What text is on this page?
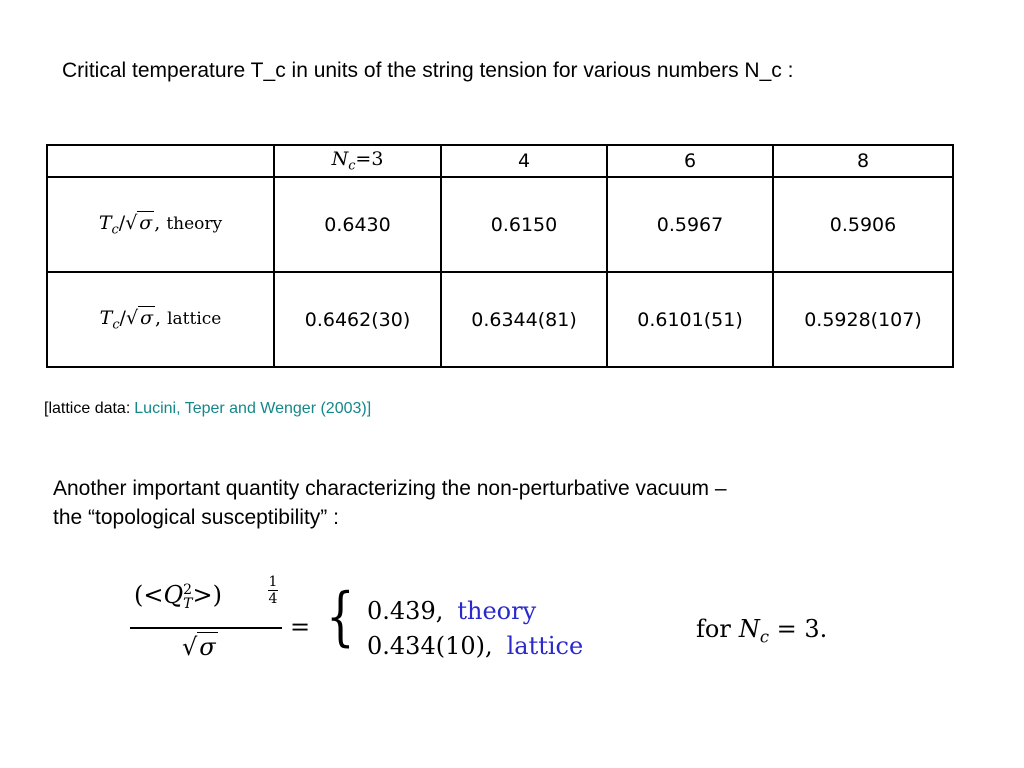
Critical temperature T_c in units of the string tension for various numbers N_c :
	$N_c=3$	4	6	8
$T_c/√$ σ , theory	0.6430	0.6150	0.5967	0.5906
$T_c/√$ σ , lattice	0.6462(30)	0.6344(81)	0.6101(51)	0.5928(107)
[lattice data: Lucini, Teper and Wenger (2003)]
Another important quantity characterizing the non-perturbative vacuum –
the “topological susceptibility” :
(<Q 2
T >)	1
4
√σ
= { 0.439, theory
0.434(10), lattice
for $N_c = 3$.
